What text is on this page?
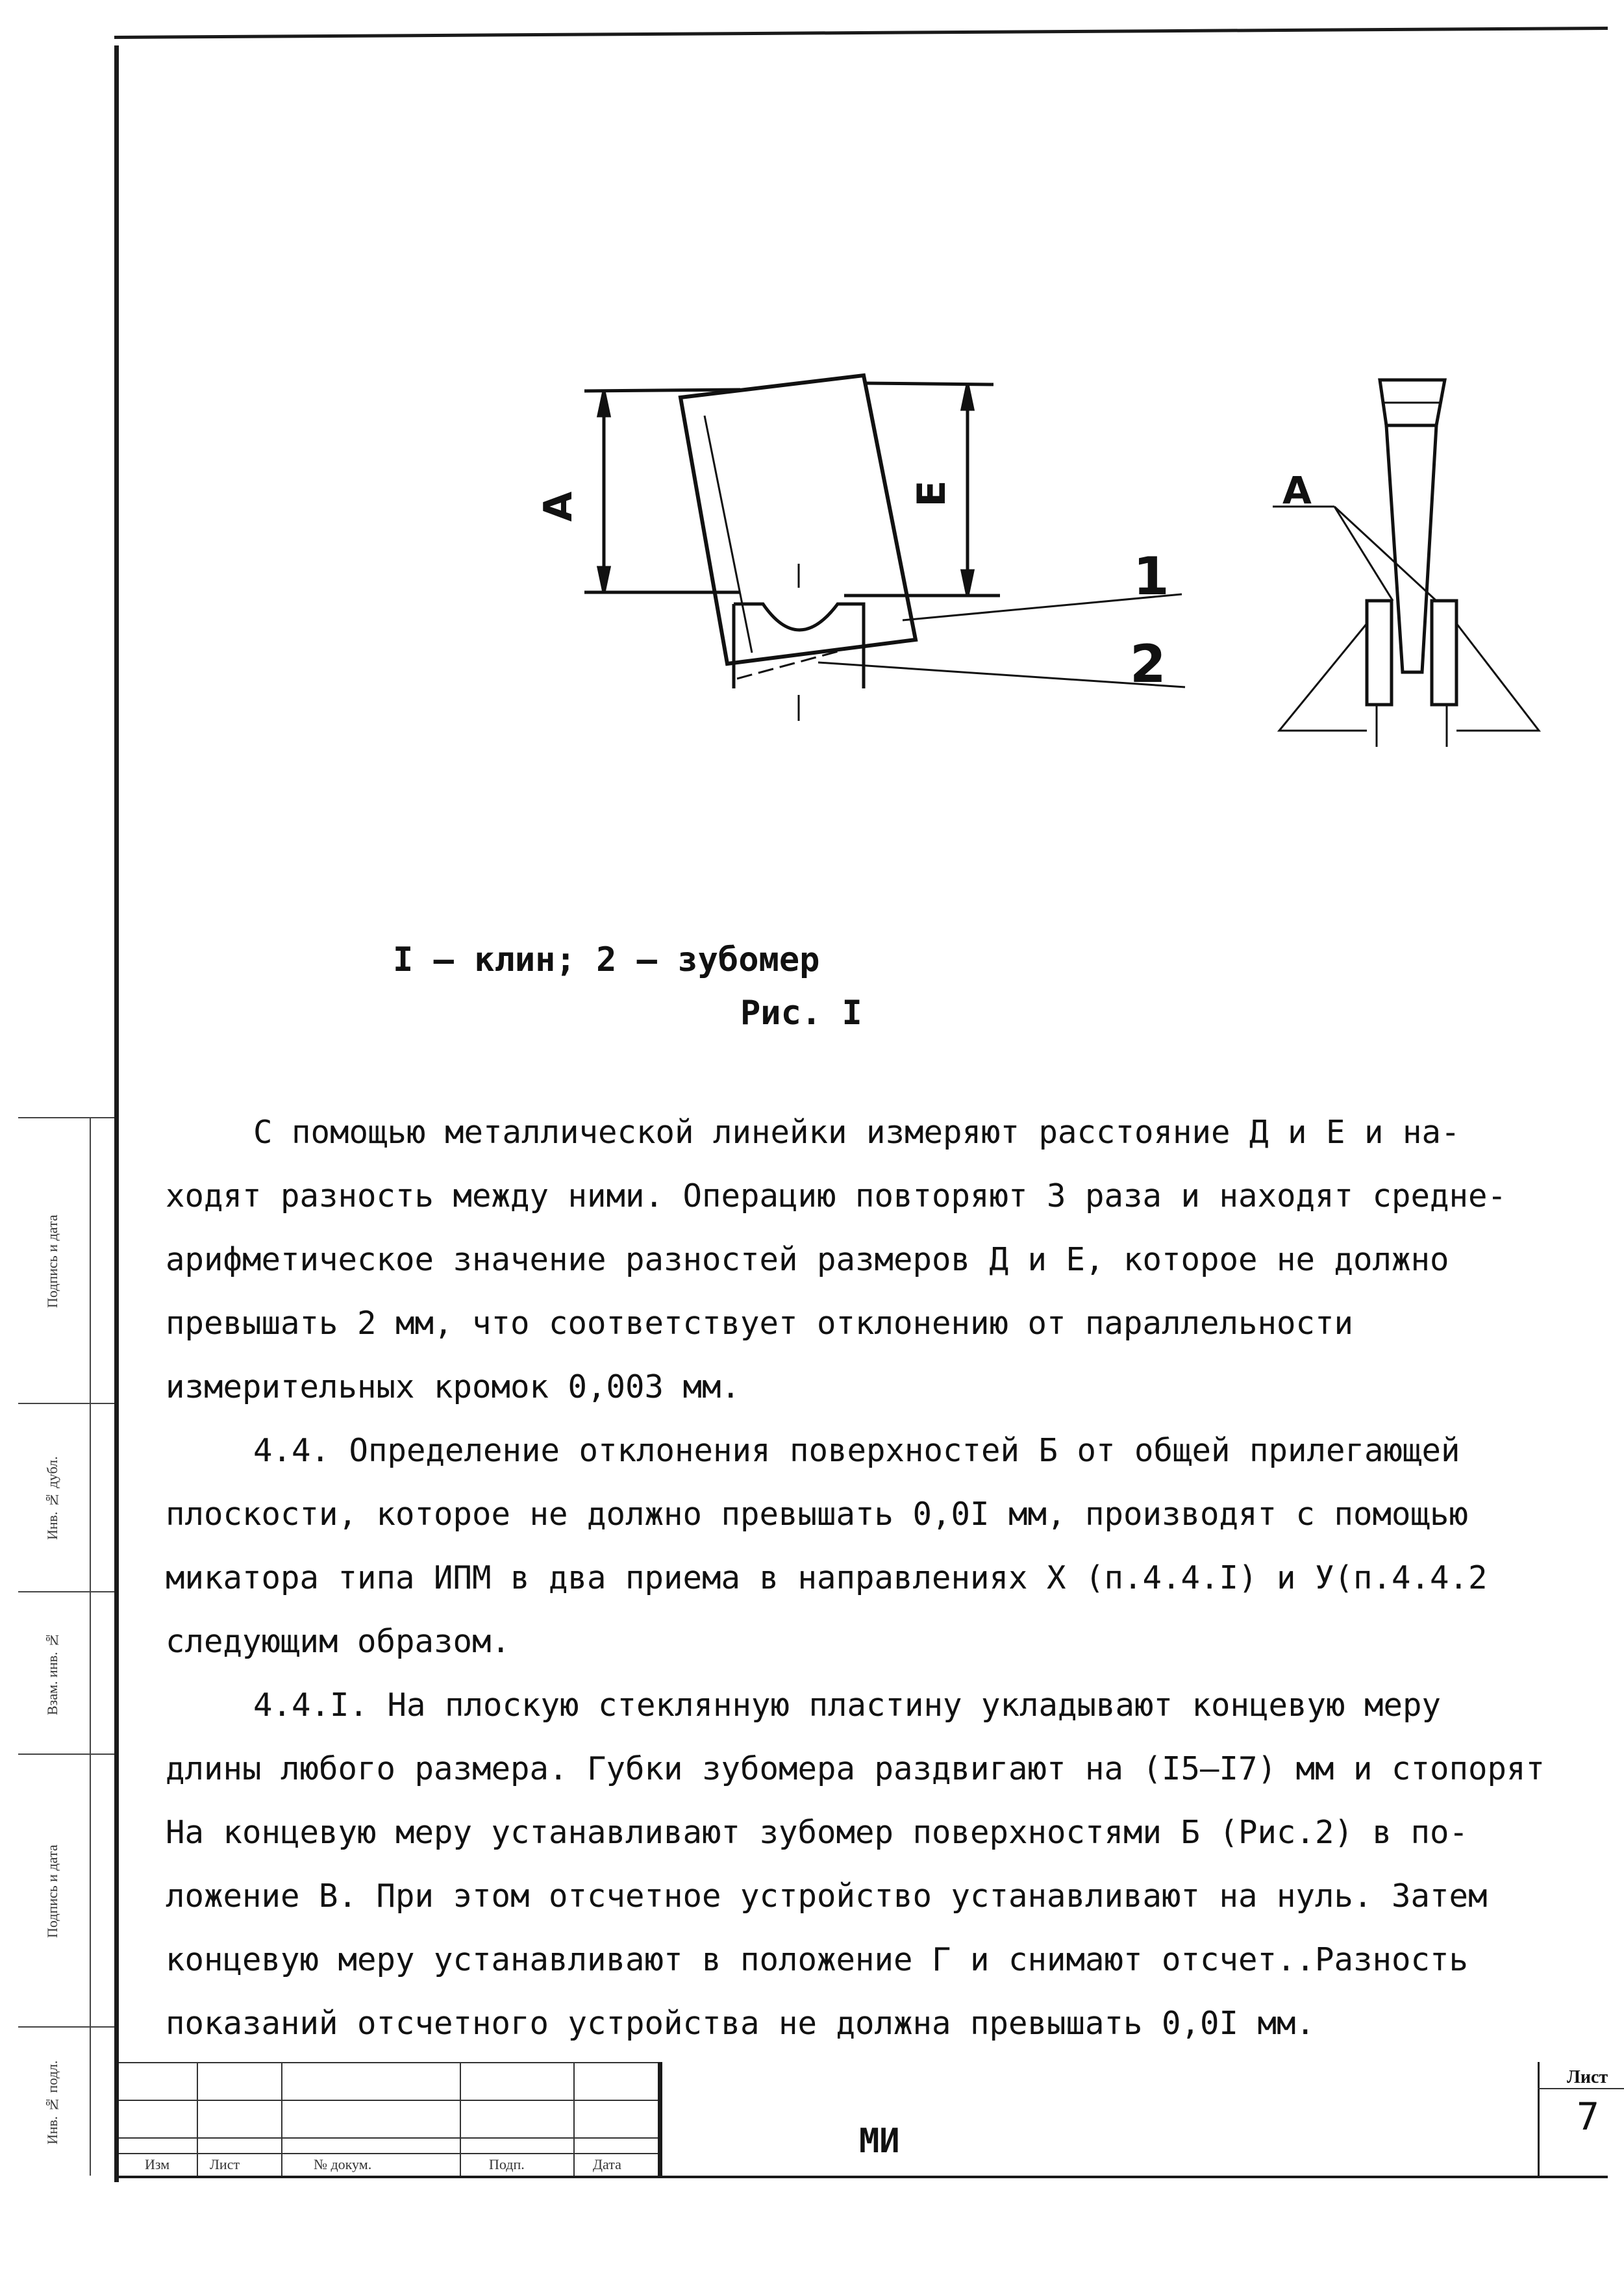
А	Е
1
2
А
I – клин; 2 – зубомер
Рис. I

С помощью металлической линейки измеряют расстояние Д и Е и на-
ходят разность между ними. Операцию повторяют 3 раза и находят средне-
арифметическое значение разностей размеров Д и Е, которое не должно
превышать 2 мм, что соответствует отклонению от параллельности
измерительных кромок 0,003 мм.

4.4. Определение отклонения поверхностей Б от общей прилегающей
плоскости, которое не должно превышать 0,0I мм, производят с помощью
микатора типа ИПМ в два приема в направлениях X (п.4.4.I) и У(п.4.4.2
следующим образом.

4.4.I. На плоскую стеклянную пластину укладывают концевую меру
длины любого размера. Губки зубомера раздвигают на (I5–I7) мм и стопорят
На концевую меру устанавливают зубомер поверхностями Б (Рис.2) в по-
ложение В. При этом отсчетное устройство устанавливают на нуль. Затем
концевую меру устанавливают в положение Г и снимают отсчет..Разность
показаний отсчетного устройства не должна превышать 0,0I мм.

Подпись и дата
Инв. № дубл.
Взам. инв. №
Подпись и дата
Инв. № подл.
Изм	Лист	№ докум.	Подп.	Дата
МИ
Лист
7
